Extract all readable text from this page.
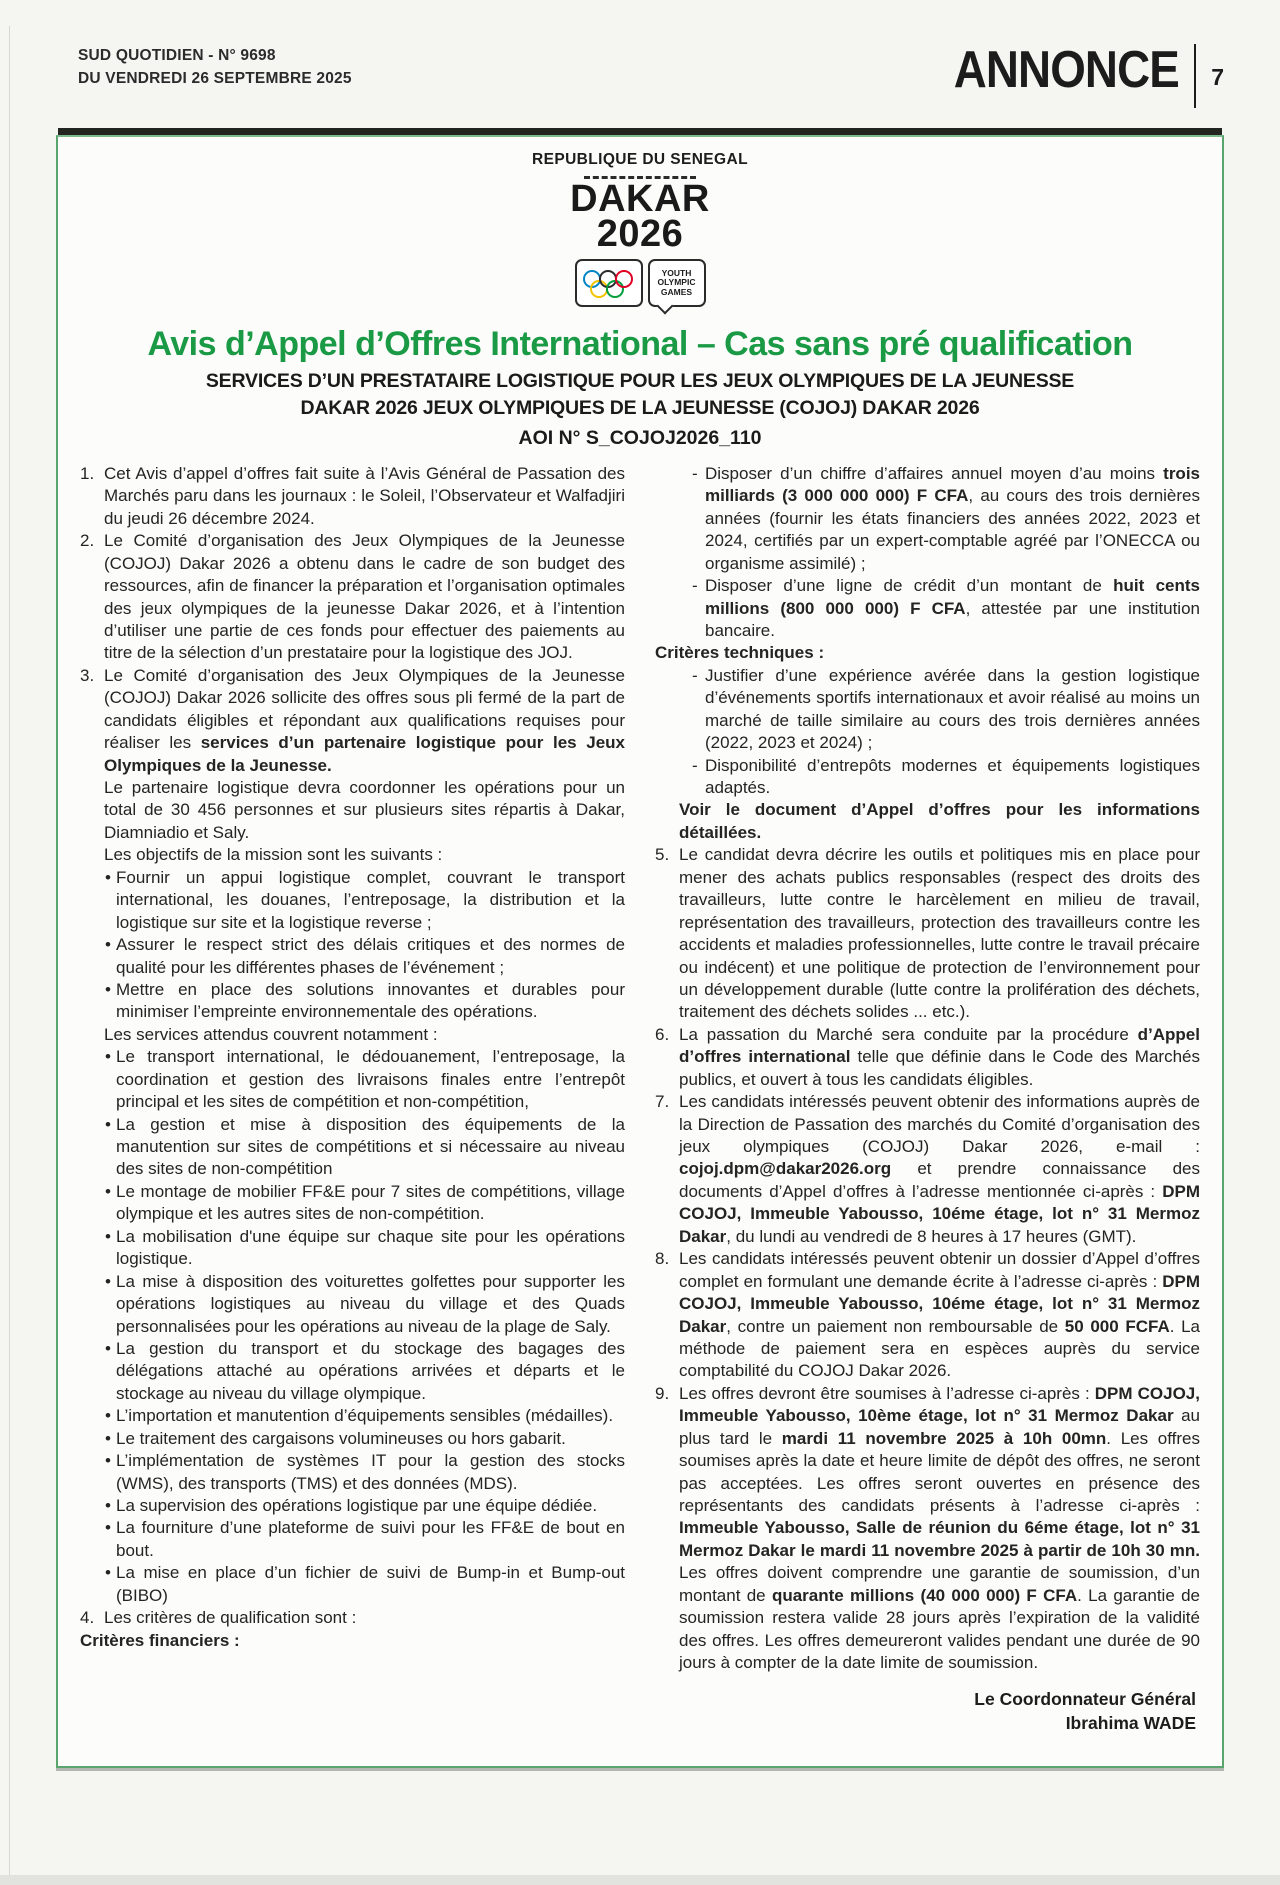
SUD QUOTIDIEN - N° 9698
DU VENDREDI 26 SEPTEMBRE 2025	ANNONCE 7
REPUBLIQUE DU SENEGAL
DAKAR
2026
YOUTH
OLYMPIC
GAMES
Avis d’Appel d’Offres International – Cas sans pré qualification
SERVICES D’UN PRESTATAIRE LOGISTIQUE POUR LES JEUX OLYMPIQUES DE LA JEUNESSE
DAKAR 2026 JEUX OLYMPIQUES DE LA JEUNESSE (COJOJ) DAKAR 2026
AOI N° S_COJOJ2026_110
1. Cet Avis d’appel d’offres fait suite à l’Avis Général de Passation des Marchés paru dans les journaux : le Soleil, l’Observateur et Walfadjiri du jeudi 26 décembre 2024.
2. Le Comité d’organisation des Jeux Olympiques de la Jeunesse (COJOJ) Dakar 2026 a obtenu dans le cadre de son budget des ressources, afin de financer la préparation et l’organisation optimales des jeux olympiques de la jeunesse Dakar 2026, et à l’intention d’utiliser une partie de ces fonds pour effectuer des paiements au titre de la sélection d’un prestataire pour la logistique des JOJ.
3. Le Comité d’organisation des Jeux Olympiques de la Jeunesse (COJOJ) Dakar 2026 sollicite des offres sous pli fermé de la part de candidats éligibles et répondant aux qualifications requises pour réaliser les services d’un partenaire logistique pour les Jeux Olympiques de la Jeunesse.
Le partenaire logistique devra coordonner les opérations pour un total de 30 456 personnes et sur plusieurs sites répartis à Dakar, Diamniadio et Saly.
Les objectifs de la mission sont les suivants :
• Fournir un appui logistique complet, couvrant le transport international, les douanes, l’entreposage, la distribution et la logistique sur site et la logistique reverse ;
• Assurer le respect strict des délais critiques et des normes de qualité pour les différentes phases de l’événement ;
• Mettre en place des solutions innovantes et durables pour minimiser l’empreinte environnementale des opérations.
Les services attendus couvrent notamment :
• Le transport international, le dédouanement, l’entreposage, la coordination et gestion des livraisons finales entre l’entrepôt principal et les sites de compétition et non-compétition,
• La gestion et mise à disposition des équipements de la manutention sur sites de compétitions et si nécessaire au niveau des sites de non-compétition
• Le montage de mobilier FF&E pour 7 sites de compétitions, village olympique et les autres sites de non-compétition.
• La mobilisation d'une équipe sur chaque site pour les opérations logistique.
• La mise à disposition des voiturettes golfettes pour supporter les opérations logistiques au niveau du village et des Quads personnalisées pour les opérations au niveau de la plage de Saly.
• La gestion du transport et du stockage des bagages des délégations attaché au opérations arrivées et départs et le stockage au niveau du village olympique.
• L’importation et manutention d’équipements sensibles (médailles).
• Le traitement des cargaisons volumineuses ou hors gabarit.
• L’implémentation de systèmes IT pour la gestion des stocks (WMS), des transports (TMS) et des données (MDS).
• La supervision des opérations logistique par une équipe dédiée.
• La fourniture d’une plateforme de suivi pour les FF&E de bout en bout.
• La mise en place d’un fichier de suivi de Bump-in et Bump-out (BIBO)
4. Les critères de qualification sont :
Critères financiers :
- Disposer d’un chiffre d’affaires annuel moyen d’au moins trois milliards (3 000 000 000) F CFA, au cours des trois dernières années (fournir les états financiers des années 2022, 2023 et 2024, certifiés par un expert-comptable agréé par l’ONECCA ou organisme assimilé) ;
- Disposer d’une ligne de crédit d’un montant de huit cents millions (800 000 000) F CFA, attestée par une institution bancaire.
Critères techniques :
- Justifier d’une expérience avérée dans la gestion logistique d’événements sportifs internationaux et avoir réalisé au moins un marché de taille similaire au cours des trois dernières années (2022, 2023 et 2024) ;
- Disponibilité d’entrepôts modernes et équipements logistiques adaptés.
Voir le document d’Appel d’offres pour les informations détaillées.
5. Le candidat devra décrire les outils et politiques mis en place pour mener des achats publics responsables (respect des droits des travailleurs, lutte contre le harcèlement en milieu de travail, représentation des travailleurs, protection des travailleurs contre les accidents et maladies professionnelles, lutte contre le travail précaire ou indécent) et une politique de protection de l’environnement pour un développement durable (lutte contre la prolifération des déchets, traitement des déchets solides ... etc.).
6. La passation du Marché sera conduite par la procédure d’Appel d’offres international telle que définie dans le Code des Marchés publics, et ouvert à tous les candidats éligibles.
7. Les candidats intéressés peuvent obtenir des informations auprès de la Direction de Passation des marchés du Comité d’organisation des jeux olympiques (COJOJ) Dakar 2026, e-mail : cojoj.dpm@dakar2026.org et prendre connaissance des documents d’Appel d’offres à l’adresse mentionnée ci-après : DPM COJOJ, Immeuble Yabousso, 10éme étage, lot n° 31 Mermoz Dakar, du lundi au vendredi de 8 heures à 17 heures (GMT).
8. Les candidats intéressés peuvent obtenir un dossier d’Appel d’offres complet en formulant une demande écrite à l’adresse ci-après : DPM COJOJ, Immeuble Yabousso, 10éme étage, lot n° 31 Mermoz Dakar, contre un paiement non remboursable de 50 000 FCFA. La méthode de paiement sera en espèces auprès du service comptabilité du COJOJ Dakar 2026.
9. Les offres devront être soumises à l’adresse ci-après : DPM COJOJ, Immeuble Yabousso, 10ème étage, lot n° 31 Mermoz Dakar au plus tard le mardi 11 novembre 2025 à 10h 00mn. Les offres soumises après la date et heure limite de dépôt des offres, ne seront pas acceptées. Les offres seront ouvertes en présence des représentants des candidats présents à l’adresse ci-après : Immeuble Yabousso, Salle de réunion du 6éme étage, lot n° 31 Mermoz Dakar le mardi 11 novembre 2025 à partir de 10h 30 mn. Les offres doivent comprendre une garantie de soumission, d’un montant de quarante millions (40 000 000) F CFA. La garantie de soumission restera valide 28 jours après l’expiration de la validité des offres. Les offres demeureront valides pendant une durée de 90 jours à compter de la date limite de soumission.
Le Coordonnateur Général
Ibrahima WADE
